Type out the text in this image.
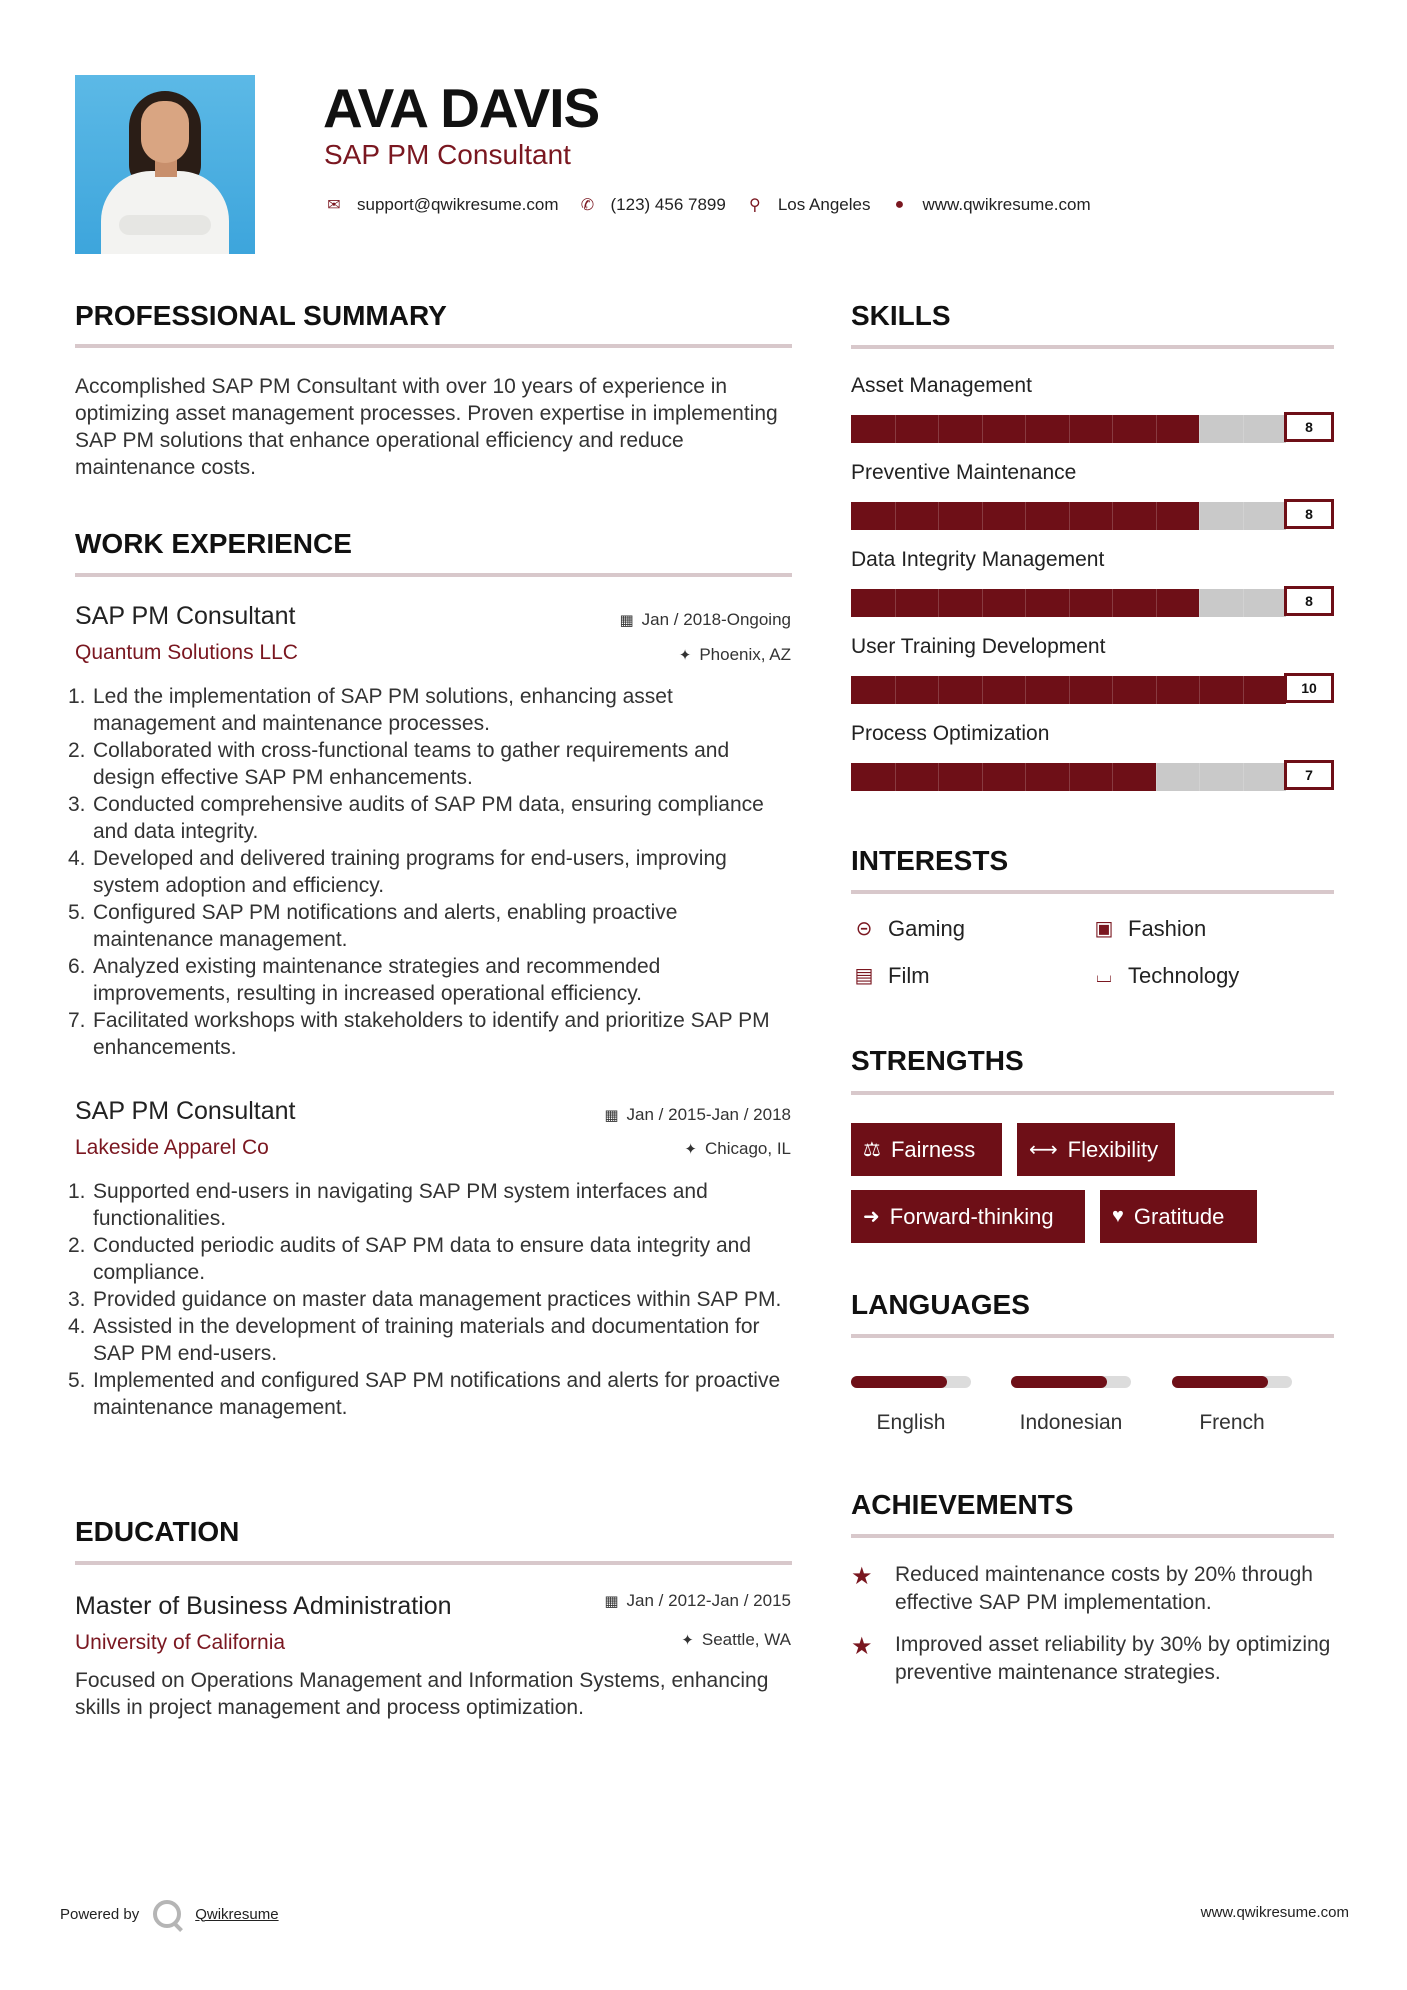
AVA DAVIS
SAP PM Consultant
✉ support@qwikresume.com ✆ (123) 456 7899	⚲	Los Angeles	●	www.qwikresume.com
PROFESSIONAL SUMMARY
Accomplished SAP PM Consultant with over 10 years of experience in optimizing asset management processes. Proven expertise in implementing SAP PM solutions that enhance operational efficiency and reduce maintenance costs.
WORK EXPERIENCE
SAP PM Consultant	▦ Jan / 2018-Ongoing
Quantum Solutions LLC	✦ Phoenix, AZ
1. Led the implementation of SAP PM solutions, enhancing asset management and maintenance processes.
2. Collaborated with cross-functional teams to gather requirements and design effective SAP PM enhancements.
3. Conducted comprehensive audits of SAP PM data, ensuring compliance and data integrity.
4. Developed and delivered training programs for end-users, improving system adoption and efficiency.
5. Configured SAP PM notifications and alerts, enabling proactive maintenance management.
6. Analyzed existing maintenance strategies and recommended improvements, resulting in increased operational efficiency.
7. Facilitated workshops with stakeholders to identify and prioritize SAP PM enhancements.
SAP PM Consultant	▦ Jan / 2015-Jan / 2018
Lakeside Apparel Co	✦ Chicago, IL
1. Supported end-users in navigating SAP PM system interfaces and functionalities.
2. Conducted periodic audits of SAP PM data to ensure data integrity and compliance.
3. Provided guidance on master data management practices within SAP PM.
4. Assisted in the development of training materials and documentation for SAP PM end-users.
5. Implemented and configured SAP PM notifications and alerts for proactive maintenance management.
EDUCATION
Master of Business Administration	▦ Jan / 2012-Jan / 2015
University of California	✦ Seattle, WA
Focused on Operations Management and Information Systems, enhancing skills in project management and process optimization.
SKILLS
Asset Management
8
Preventive Maintenance
8
Data Integrity Management
8
User Training Development
10
Process Optimization
7
INTERESTS
⊝ Gaming	▣ Fashion
▤ Film	⌴ Technology
STRENGTHS
⚖ Fairness	⟷ Flexibility
➜ Forward-thinking	♥ Gratitude
LANGUAGES
English	Indonesian	French
ACHIEVEMENTS
★	Reduced maintenance costs by 20% through effective SAP PM implementation.
★	Improved asset reliability by 30% by optimizing preventive maintenance strategies.
Powered by	Qwikresume	www.qwikresume.com
